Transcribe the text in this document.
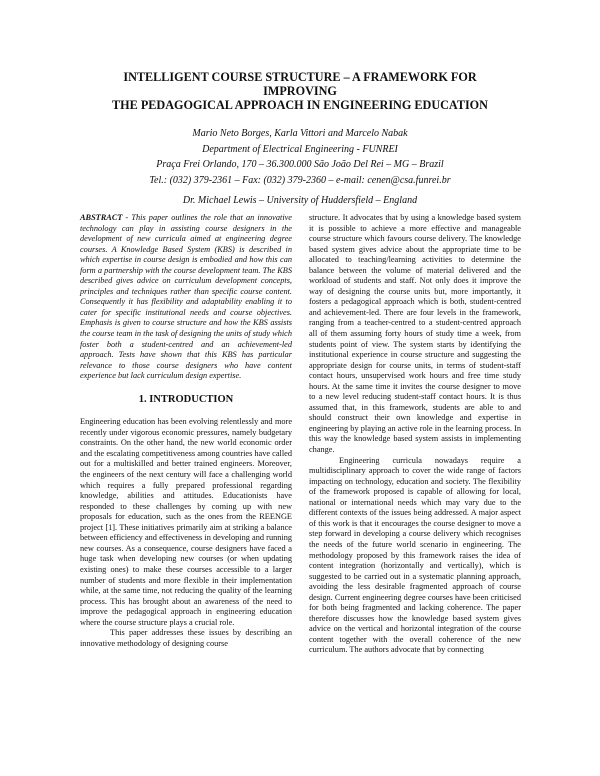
INTELLIGENT COURSE STRUCTURE – A FRAMEWORK FOR
IMPROVING
THE PEDAGOGICAL APPROACH IN ENGINEERING EDUCATION
Mario Neto Borges, Karla Vittori and Marcelo Nabak
Department of Electrical Engineering - FUNREI
Praça Frei Orlando, 170 – 36.300.000 São João Del Rei – MG – Brazil
Tel.: (032) 379-2361 – Fax: (032) 379-2360 – e-mail: cenen@csa.funrei.br
Dr. Michael Lewis – University of Huddersfield – England

ABSTRACT - This paper outlines the role that an innovative technology can play in assisting course designers in the development of new curricula aimed at engineering degree courses. A Knowledge Based System (KBS) is described in which expertise in course design is embodied and how this can form a partnership with the course development team. The KBS described gives advice on curriculum development concepts, principles and techniques rather than specific course content. Consequently it has flexibility and adaptability enabling it to cater for specific institutional needs and course objectives. Emphasis is given to course structure and how the KBS assists the course team in the task of designing the units of study which foster both a student-centred and an achievement-led approach. Tests have shown that this KBS has particular relevance to those course designers who have content experience but lack curriculum design expertise.

1. INTRODUCTION

Engineering education has been evolving relentlessly and more recently under vigorous economic pressures, namely budgetary constraints. On the other hand, the new world economic order and the escalating competitiveness among countries have called out for a multiskilled and better trained engineers. Moreover, the engineers of the next century will face a challenging world which requires a fully prepared professional regarding knowledge, abilities and attitudes. Educationists have responded to these challenges by coming up with new proposals for education, such as the ones from the REENGE project [1]. These initiatives primarily aim at striking a balance between efficiency and effectiveness in developing and running new courses. As a consequence, course designers have faced a huge task when developing new courses (or when updating existing ones) to make these courses accessible to a larger number of students and more flexible in their implementation while, at the same time, not reducing the quality of the learning process. This has brought about an awareness of the need to improve the pedagogical approach in engineering education where the course structure plays a crucial role.

This paper addresses these issues by describing an innovative methodology of designing course

structure. It advocates that by using a knowledge based system it is possible to achieve a more effective and manageable course structure which favours course delivery. The knowledge based system gives advice about the appropriate time to be allocated to teaching/learning activities to determine the balance between the volume of material delivered and the workload of students and staff. Not only does it improve the way of designing the course units but, more importantly, it fosters a pedagogical approach which is both, student-centred and achievement-led. There are four levels in the framework, ranging from a teacher-centred to a student-centred approach all of them assuming forty hours of study time a week, from students point of view. The system starts by identifying the institutional experience in course structure and suggesting the appropriate design for course units, in terms of student-staff contact hours, unsupervised work hours and free time study hours. At the same time it invites the course designer to move to a new level reducing student-staff contact hours. It is thus assumed that, in this framework, students are able to and should construct their own knowledge and expertise in engineering by playing an active role in the learning process. In this way the knowledge based system assists in implementing change.

Engineering curricula nowadays require a multidisciplinary approach to cover the wide range of factors impacting on technology, education and society. The flexibility of the framework proposed is capable of allowing for local, national or international needs which may vary due to the different contexts of the issues being addressed. A major aspect of this work is that it encourages the course designer to move a step forward in developing a course delivery which recognises the needs of the future world scenario in engineering. The methodology proposed by this framework raises the idea of content integration (horizontally and vertically), which is suggested to be carried out in a systematic planning approach, avoiding the less desirable fragmented approach of course design. Current engineering degree courses have been criticised for both being fragmented and lacking coherence. The paper therefore discusses how the knowledge based system gives advice on the vertical and horizontal integration of the course content together with the overall coherence of the new curriculum. The authors advocate that by connecting
